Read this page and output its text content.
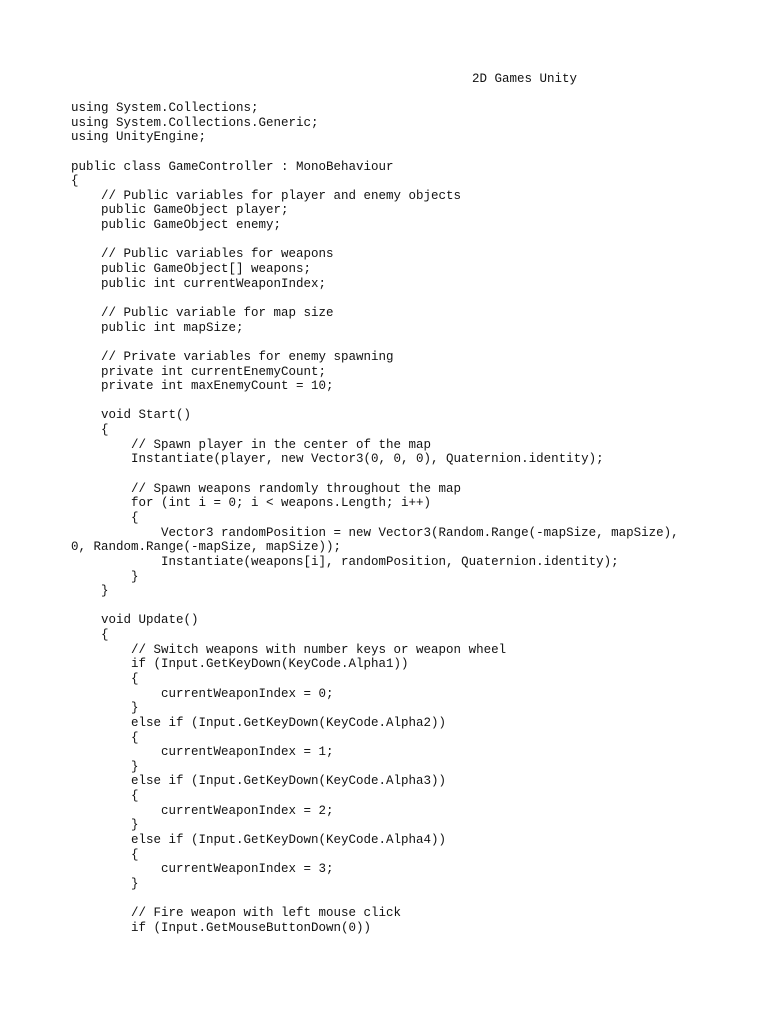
2D Games Unity
using System.Collections;
using System.Collections.Generic;
using UnityEngine;
public class GameController : MonoBehaviour
{
// Public variables for player and enemy objects
public GameObject player;
public GameObject enemy;
// Public variables for weapons
public GameObject[] weapons;
public int currentWeaponIndex;
// Public variable for map size
public int mapSize;
// Private variables for enemy spawning
private int currentEnemyCount;
private int maxEnemyCount = 10;
void Start()
{
// Spawn player in the center of the map
Instantiate(player, new Vector3(0, 0, 0), Quaternion.identity);
// Spawn weapons randomly throughout the map
for (int i = 0; i < weapons.Length; i++)
{
Vector3 randomPosition = new Vector3(Random.Range(-mapSize, mapSize),
0, Random.Range(-mapSize, mapSize));
Instantiate(weapons[i], randomPosition, Quaternion.identity);
}
}
void Update()
{
// Switch weapons with number keys or weapon wheel
if (Input.GetKeyDown(KeyCode.Alpha1))
{
currentWeaponIndex = 0;
}
else if (Input.GetKeyDown(KeyCode.Alpha2))
{
currentWeaponIndex = 1;
}
else if (Input.GetKeyDown(KeyCode.Alpha3))
{
currentWeaponIndex = 2;
}
else if (Input.GetKeyDown(KeyCode.Alpha4))
{
currentWeaponIndex = 3;
}
// Fire weapon with left mouse click
if (Input.GetMouseButtonDown(0))
